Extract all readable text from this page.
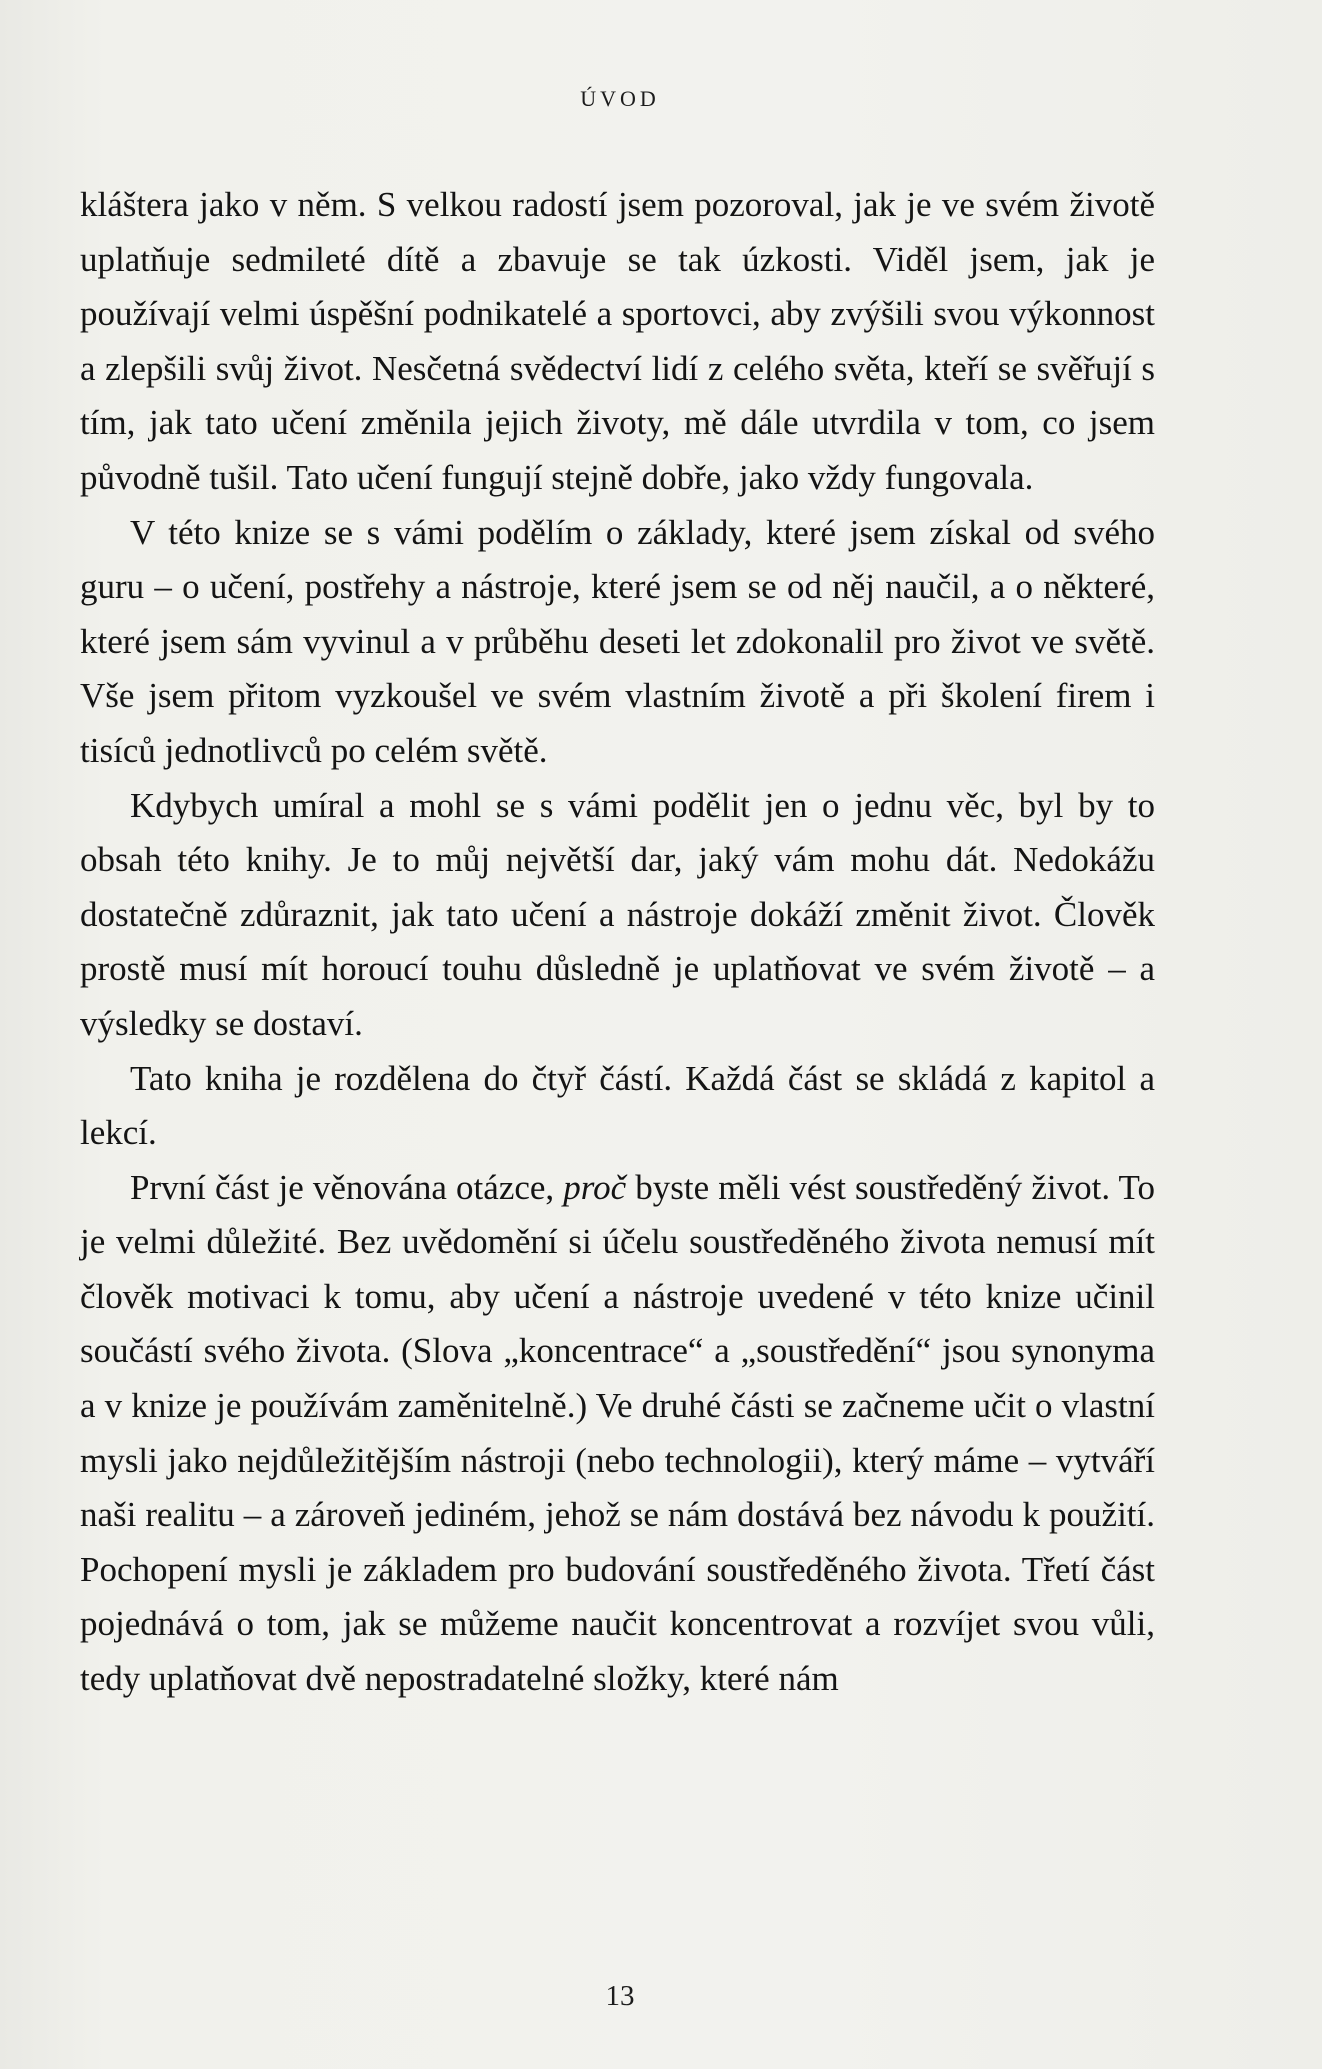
ÚVOD

kláštera jako v něm. S velkou radostí jsem pozoroval, jak je ve svém životě uplatňuje sedmileté dítě a zbavuje se tak úzkosti. Viděl jsem, jak je používají velmi úspěšní podnikatelé a sportovci, aby zvýšili svou výkonnost a zlepšili svůj život. Nesčetná svědectví lidí z celého světa, kteří se svěřují s tím, jak tato učení změnila jejich životy, mě dále utvrdila v tom, co jsem původně tušil. Tato učení fungují stejně dobře, jako vždy fungovala.

V této knize se s vámi podělím o základy, které jsem získal od svého guru – o učení, postřehy a nástroje, které jsem se od něj naučil, a o některé, které jsem sám vyvinul a v průběhu deseti let zdokonalil pro život ve světě. Vše jsem přitom vyzkoušel ve svém vlastním životě a při školení firem i tisíců jednotlivců po celém světě.

Kdybych umíral a mohl se s vámi podělit jen o jednu věc, byl by to obsah této knihy. Je to můj největší dar, jaký vám mohu dát. Nedokážu dostatečně zdůraznit, jak tato učení a nástroje dokáží změnit život. Člověk prostě musí mít horoucí touhu důsledně je uplatňovat ve svém životě – a výsledky se dostaví.

Tato kniha je rozdělena do čtyř částí. Každá část se skládá z kapitol a lekcí.

První část je věnována otázce, proč byste měli vést soustředěný život. To je velmi důležité. Bez uvědomění si účelu soustředěného života nemusí mít člověk motivaci k tomu, aby učení a nástroje uvedené v této knize učinil součástí svého života. (Slova „koncentrace“ a „soustředění“ jsou synonyma a v knize je používám zaměnitelně.) Ve druhé části se začneme učit o vlastní mysli jako nejdůležitějším nástroji (nebo technologii), který máme – vytváří naši realitu – a zároveň jediném, jehož se nám dostává bez návodu k použití. Pochopení mysli je základem pro budování soustředěného života. Třetí část pojednává o tom, jak se můžeme naučit koncentrovat a rozvíjet svou vůli, tedy uplatňovat dvě nepostradatelné složky, které nám

13
